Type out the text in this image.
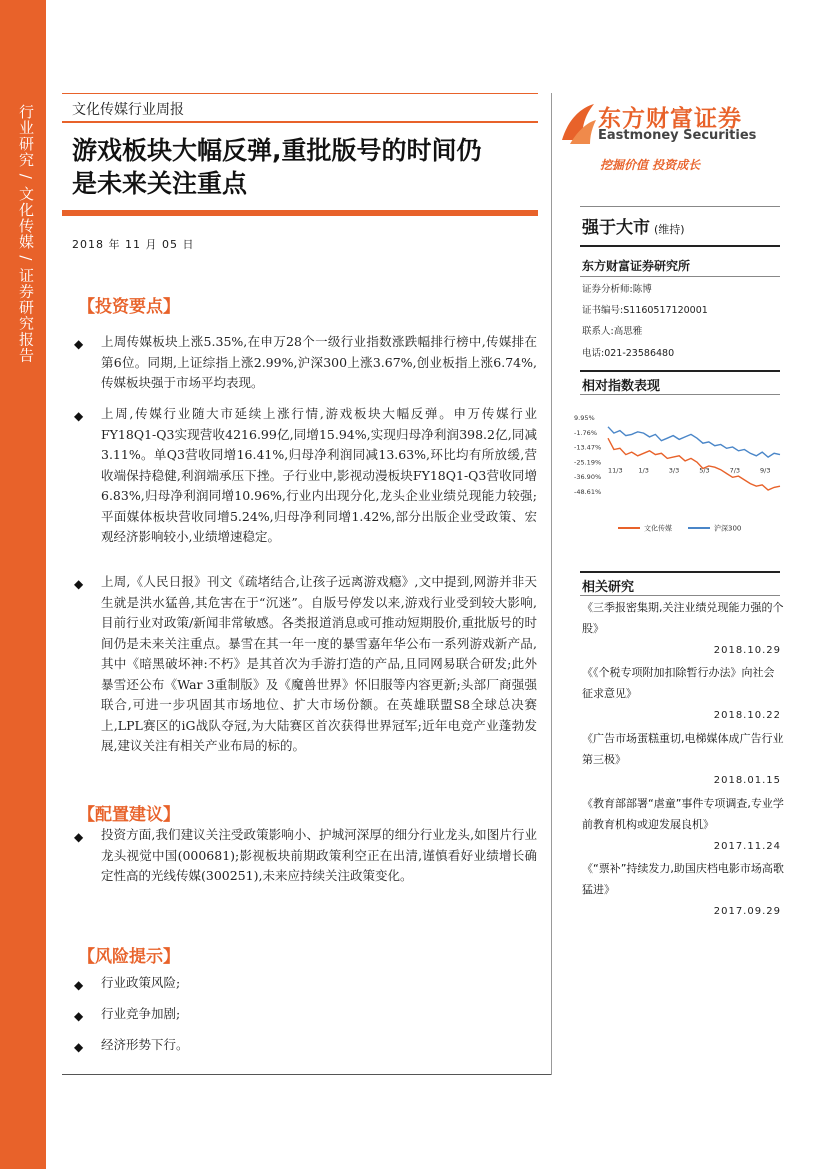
行业研究 / 文化传媒 / 证券研究报告	文化传媒行业周报
游戏板块大幅反弹,重批版号的时间仍
是未来关注重点
2018 年 11 月 05 日
【投资要点】
◆ 上周传媒板块上涨5.35%,在申万28个一级行业指数涨跌幅排行榜中,传媒排在第6位。同期,上证综指上涨2.99%,沪深300上涨3.67%,创业板指上涨6.74%,传媒板块强于市场平均表现。
◆ 上周,传媒行业随大市延续上涨行情,游戏板块大幅反弹。申万传媒行业FY18Q1-Q3实现营收4216.99亿,同增15.94%,实现归母净利润398.2亿,同减3.11%。单Q3营收同增16.41%,归母净利润同减13.63%,环比均有所放缓,营收端保持稳健,利润端承压下挫。子行业中,影视动漫板块FY18Q1-Q3营收同增6.83%,归母净利润同增10.96%,行业内出现分化,龙头企业业绩兑现能力较强;平面媒体板块营收同增5.24%,归母净利同增1.42%,部分出版企业受政策、宏观经济影响较小,业绩增速稳定。
◆ 上周,《人民日报》刊文《疏堵结合,让孩子远离游戏瘾》,文中提到,网游并非天生就是洪水猛兽,其危害在于“沉迷”。自版号停发以来,游戏行业受到较大影响,目前行业对政策/新闻非常敏感。各类报道消息或可推动短期股价,重批版号的时间仍是未来关注重点。暴雪在其一年一度的暴雪嘉年华公布一系列游戏新产品,其中《暗黑破坏神:不朽》是其首次为手游打造的产品,且同网易联合研发;此外暴雪还公布《War 3重制版》及《魔兽世界》怀旧服等内容更新;头部厂商强强联合,可进一步巩固其市场地位、扩大市场份额。在英雄联盟S8全球总决赛上,LPL赛区的iG战队夺冠,为大陆赛区首次获得世界冠军;近年电竞产业蓬勃发展,建议关注有相关产业布局的标的。
【配置建议】
◆ 投资方面,我们建议关注受政策影响小、护城河深厚的细分行业龙头,如图片行业龙头视觉中国(000681);影视板块前期政策利空正在出清,谨慎看好业绩增长确定性高的光线传媒(300251),未来应持续关注政策变化。
【风险提示】
◆ 行业政策风险;
◆ 行业竞争加剧;
◆ 经济形势下行。
东方财富证券
Eastmoney Securities
挖掘价值 投资成长
强于大市 (维持)
东方财富证券研究所
证券分析师:陈博
证书编号:S1160517120001
联系人:高思雅
电话:021-23586480
相对指数表现
9.95%
-1.76%
-13.47%
-25.19%
-36.90%
-48.61%
11/3 1/3	3/3	5/3	7/3	9/3
文化传媒	沪深300
相关研究
《三季报密集期,关注业绩兑现能力强的个股》
2018.10.29
《《个税专项附加扣除暂行办法》向社会征求意见》
2018.10.22
《广告市场蛋糕重切,电梯媒体成广告行业第三极》
2018.01.15
《教育部部署“虐童”事件专项调查,专业学前教育机构或迎发展良机》
2017.11.24
《“票补”持续发力,助国庆档电影市场高歌猛进》
2017.09.29
